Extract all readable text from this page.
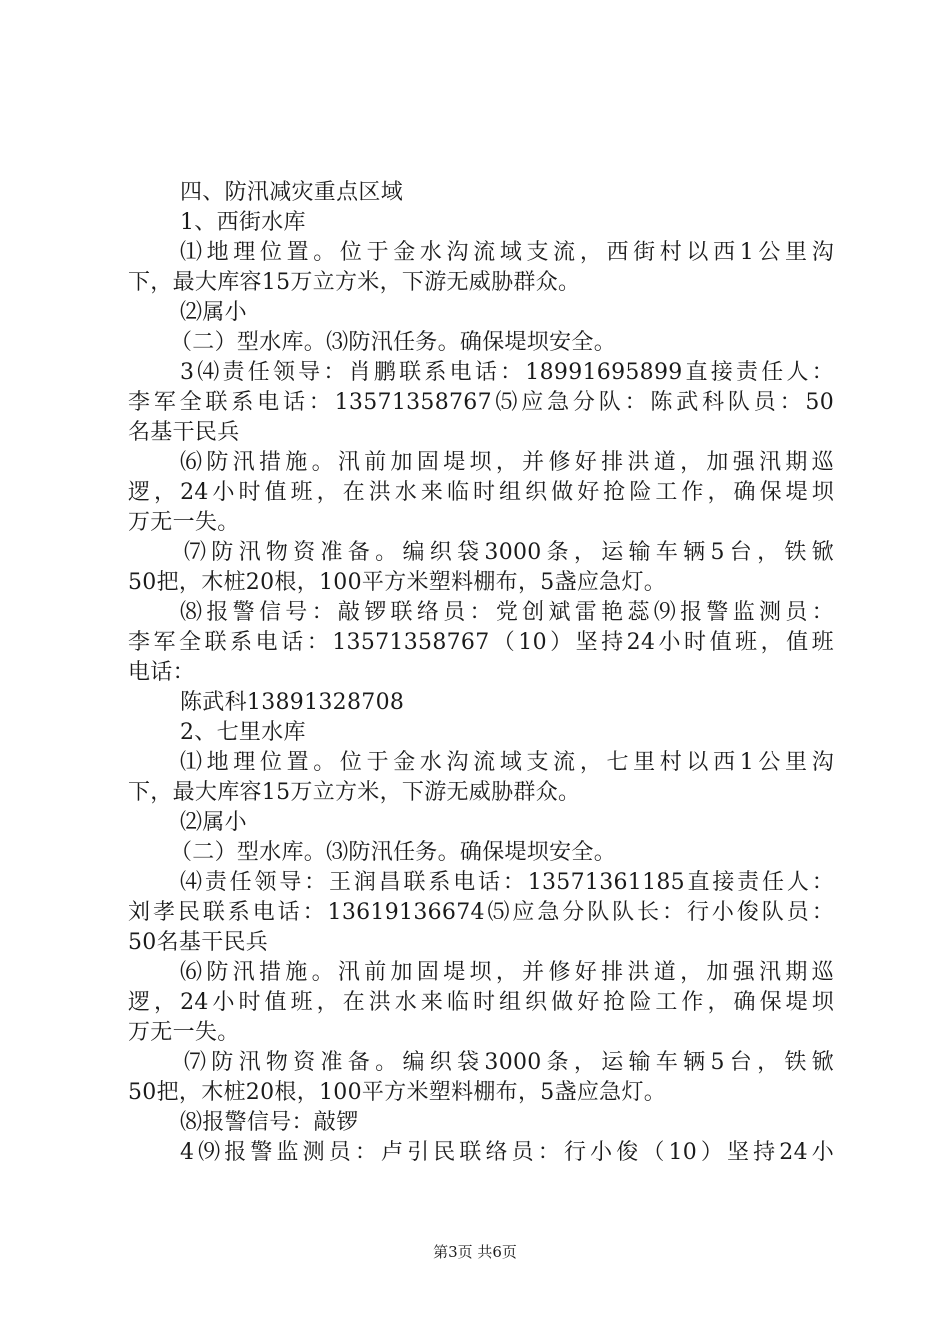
四、防汛减灾重点区域
1、西街水库
⑴地理位置。位于金水沟流域支流，西街村以西1公里沟
下，最大库容15万立方米，下游无威胁群众。
⑵属小
（二）型水库。⑶防汛任务。确保堤坝安全。
3⑷责任领导：肖鹏联系电话：18991695899直接责任人：
李军全联系电话：13571358767⑸应急分队：陈武科队员：50
名基干民兵
⑹防汛措施。汛前加固堤坝，并修好排洪道，加强汛期巡
逻，24小时值班，在洪水来临时组织做好抢险工作，确保堤坝
万无一失。
⑺防汛物资准备。编织袋3000条，运输车辆5台，铁锨
50把，木桩20根，100平方米塑料棚布，5盏应急灯。
⑻报警信号：敲锣联络员：党创斌雷艳蕊⑼报警监测员：
李军全联系电话：13571358767（10）坚持24小时值班，值班
电话：
陈武科13891328708
2、七里水库
⑴地理位置。位于金水沟流域支流，七里村以西1公里沟
下，最大库容15万立方米，下游无威胁群众。
⑵属小
（二）型水库。⑶防汛任务。确保堤坝安全。
⑷责任领导：王润昌联系电话：13571361185直接责任人：
刘孝民联系电话：13619136674⑸应急分队队长：行小俊队员：
50名基干民兵
⑹防汛措施。汛前加固堤坝，并修好排洪道，加强汛期巡
逻，24小时值班，在洪水来临时组织做好抢险工作，确保堤坝
万无一失。
⑺防汛物资准备。编织袋3000条，运输车辆5台，铁锨
50把，木桩20根，100平方米塑料棚布，5盏应急灯。
⑻报警信号：敲锣
4⑼报警监测员：卢引民联络员：行小俊（10）坚持24小
第3页 共6页
